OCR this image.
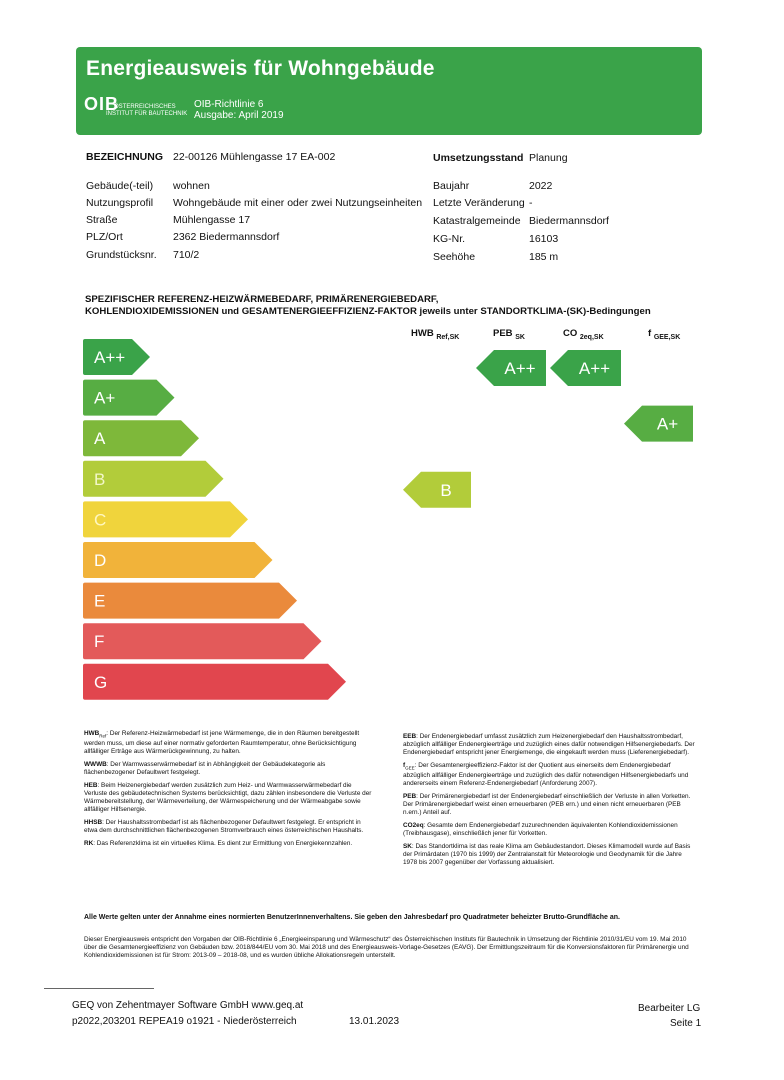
Energieausweis für Wohngebäude
OIB
ÖSTERREICHISCHES
INSTITUT FÜR BAUTECHNIK
OIB-Richtlinie 6
Ausgabe: April 2019
BEZEICHNUNG 22-00126 Mühlengasse 17 EA-002	Umsetzungsstand Planung
Gebäude(-teil) wohnen
Nutzungsprofil Wohngebäude mit einer oder zwei Nutzungseinheiten
Straße	Mühlengasse 17
PLZ/Ort	2362 Biedermannsdorf
Grundstücksnr. 710/2
Baujahr	2022
Letzte Veränderung -
Katastralgemeinde Biedermannsdorf
KG-Nr.	16103
Seehöhe	185 m
SPEZIFISCHER REFERENZ-HEIZWÄRMEBEDARF, PRIMÄRENERGIEBEDARF,
KOHLENDIOXIDEMISSIONEN und GESAMTENERGIEEFFIZIENZ-FAKTOR jeweils unter STANDORTKLIMA-(SK)-Bedingungen
HWB $_{Ref,SK}$	PEB $_{SK}$	CO $_{2eq,SK}$	f $_{GEE,SK}$
A++
A+
A
B
C
D
E
F
G
B
A++	A++
A+
$HWB_{Ref}$: Der Referenz-Heizwärmebedarf ist jene Wärmemenge, die in den Räumen bereitgestellt werden muss, um diese auf einer normativ geforderten Raumtemperatur, ohne Berücksichtigung allfälliger Erträge aus Wärmerückgewinnung, zu halten.
WWWB: Der Warmwasserwärmebedarf ist in Abhängigkeit der Gebäudekategorie als flächenbezogener Defaultwert festgelegt.
HEB: Beim Heizenergiebedarf werden zusätzlich zum Heiz- und Warmwasserwärmebedarf die Verluste des gebäudetechnischen Systems berücksichtigt, dazu zählen insbesondere die Verluste der Wärmebereitstellung, der Wärmeverteilung, der Wärmespeicherung und der Wärmeabgabe sowie allfälliger Hilfsenergie.
HHSB: Der Haushaltsstrombedarf ist als flächenbezogener Defaultwert festgelegt. Er entspricht in etwa dem durchschnittlichen flächenbezogenen Stromverbrauch eines österreichischen Haushalts.
RK: Das Referenzklima ist ein virtuelles Klima. Es dient zur Ermittlung von Energiekennzahlen.
EEB: Der Endenergiebedarf umfasst zusätzlich zum Heizenergiebedarf den Haushaltsstrombedarf, abzüglich allfälliger Endenergieerträge und zuzüglich eines dafür notwendigen Hilfsenergiebedarfs. Der Endenergiebedarf entspricht jener Energiemenge, die eingekauft werden muss (Lieferenergiebedarf).
$f_{GEE}$: Der Gesamtenergieeffizienz-Faktor ist der Quotient aus einerseits dem Endenergiebedarf abzüglich allfälliger Endenergieerträge und zuzüglich des dafür notwendigen Hilfsenergiebedarfs und andererseits einem Referenz-Endenergiebedarf (Anforderung 2007).
PEB: Der Primärenergiebedarf ist der Endenergiebedarf einschließlich der Verluste in allen Vorketten. Der Primärenergiebedarf weist einen erneuerbaren (PEB ern.) und einen nicht erneuerbaren (PEB n.ern.) Anteil auf.
CO2eq: Gesamte dem Endenergiebedarf zuzurechnenden äquivalenten Kohlendioxidemissionen (Treibhausgase), einschließlich jener für Vorketten.
SK: Das Standortklima ist das reale Klima am Gebäudestandort. Dieses Klimamodell wurde auf Basis der Primärdaten (1970 bis 1999) der Zentralanstalt für Meteorologie und Geodynamik für die Jahre 1978 bis 2007 gegenüber der Vorfassung aktualisiert.
Alle Werte gelten unter der Annahme eines normierten BenutzerInnenverhaltens. Sie geben den Jahresbedarf pro Quadratmeter beheizter Brutto-Grundfläche an.
Dieser Energieausweis entspricht den Vorgaben der OIB-Richtlinie 6 „Energieeinsparung und Wärmeschutz“ des Österreichischen Instituts für Bautechnik in Umsetzung der Richtlinie 2010/31/EU vom 19. Mai 2010 über die Gesamtenergieeffizienz von Gebäuden bzw. 2018/844/EU vom 30. Mai 2018 und des Energieausweis-Vorlage-Gesetzes (EAVG). Der Ermittlungszeitraum für die Konversionsfaktoren für Primärenergie und Kohlendioxidemissionen ist für Strom: 2013-09 – 2018-08, und es wurden übliche Allokationsregeln unterstellt.
GEQ von Zehentmayer Software GmbH www.geq.at
p2022,203201 REPEA19 o1921 - Niederösterreich	13.01.2023
Bearbeiter LG
Seite 1
